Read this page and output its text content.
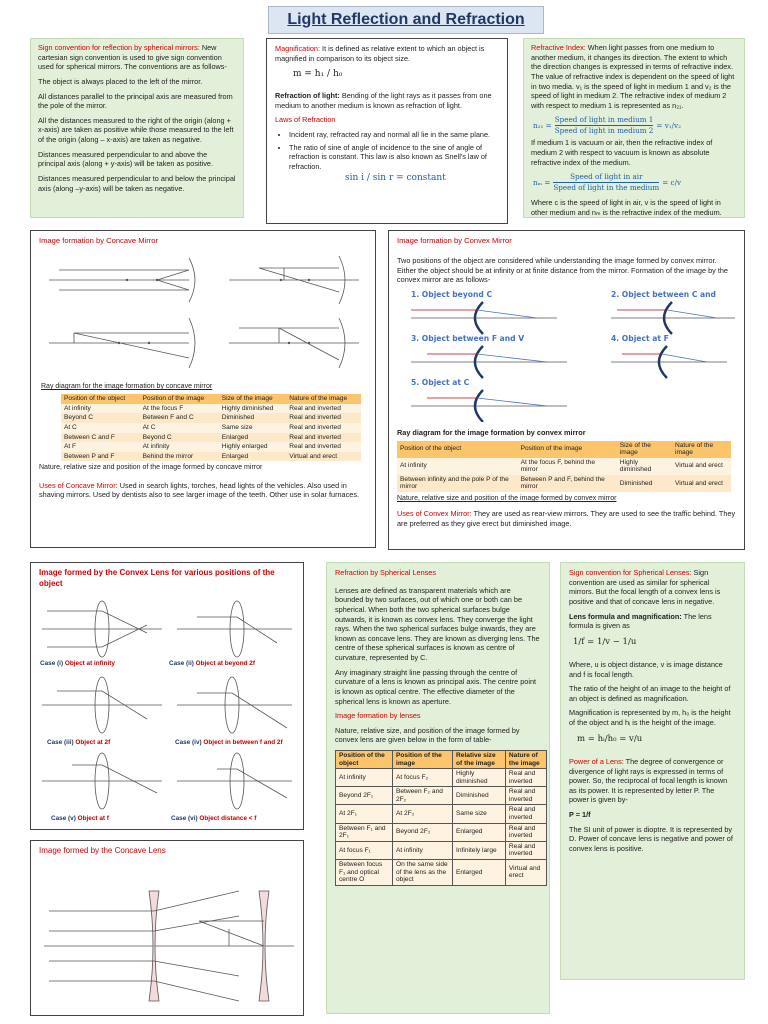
Light Reflection and Refraction

Sign convention for reflection by spherical mirrors: New cartesian sign convention is used to give sign convention used for spherical mirrors. The conventions are as follows-

The object is always placed to the left of the mirror.

All distances parallel to the principal axis are measured from the pole of the mirror.

All the distances measured to the right of the origin (along + x-axis) are taken as positive while those measured to the left of the origin (along – x-axis) are taken as negative.

Distances measured perpendicular to and above the principal axis (along + y-axis) will be taken as positive.

Distances measured perpendicular to and below the principal axis (along –y-axis) will be taken as negative.

Magnification: It is defined as relative extent to which an object is magnified in comparison to its object size.

m = h₁ / h₀

Refraction of light: Bending of the light rays as it passes from one medium to another medium is known as refraction of light.

Laws of Refraction

• Incident ray, refracted ray and normal all lie in the same plane.
• The ratio of sine of angle of incidence to the sine of angle of refraction is constant. This law is also known as Snell's law of refraction.
sin i / sin r = constant

Refractive Index: When light passes from one medium to another medium, it changes its direction. The extent to which the direction changes is expressed in terms of refractive index. The value of refractive index is dependent on the speed of light in two media. v₁ is the speed of light in medium 1 and v₂ is the speed of light in medium 2. The refractive index of medium 2 with respect to medium 1 is represented as n₂₁.

n₂₁ =
Speed of light in medium 1
Speed of light in medium 2
= v₁/v₂

If medium 1 is vacuum or air, then the refractive index of medium 2 with respect to vacuum is known as absolute refractive index of the medium.

nₘ =
Speed of light in air
Speed of light in the medium
= c/v

Where c is the speed of light in air, v is the speed of light in other medium and nₘ is the refractive index of the medium.

Image formation by Concave Mirror
Ray diagram for the image formation by concave mirror
Position of the object	Position of the image	Size of the image	Nature of the image
At infinity	At the focus F	Highly diminished	Real and inverted
Beyond C	Between F and C	Diminished	Real and inverted
At C	At C	Same size	Real and inverted
Between C and F	Beyond C	Enlarged	Real and inverted
At F	At infinity	Highly enlarged	Real and inverted
Between P and F	Behind the mirror	Enlarged	Virtual and erect
Nature, relative size and position of the image formed by concave mirror

Uses of Concave Mirror: Used in search lights, torches, head lights of the vehicles. Also used in shaving mirrors. Used by dentists also to see larger image of the teeth. Other use in solar furnaces.

Image formation by Convex Mirror

Two positions of the object are considered while understanding the image formed by convex mirror. Either the object should be at infinity or at finite distance from the mirror. Formation of the image by the convex mirror are as follows-

1. Object beyond C	2. Object between C and
3. Object between F and V	4. Object at F
5. Object at C
Ray diagram for the image formation by convex mirror
Position of the object	Position of the image	Size of the image	Nature of the image
At infinity	At the focus F, behind the mirror	Highly diminished	Virtual and erect
Between infinity and the pole P of the mirror	Between P and F, behind the mirror	Diminished	Virtual and erect
Nature, relative size and position of the image formed by convex mirror

Uses of Convex Mirror: They are used as rear-view mirrors. They are used to see the traffic behind. They are preferred as they give erect but diminished image.

Image formed by the Convex Lens for various positions of the object
Case (i) Object at infinity	Case (ii) Object at beyond 2f
Case (iii) Object at 2f	Case (iv) Object in between f and 2f
Case (v) Object at f	Case (vi) Object distance < f
Image formed by the Concave Lens

Refraction by Spherical Lenses

Lenses are defined as transparent materials which are bounded by two surfaces, out of which one or both can be spherical. When both the two spherical surfaces bulge outwards, it is known as convex lens. They converge the light rays. When the two spherical surfaces bulge inwards, they are known as concave lens. They are known as diverging lens. The centre of these spherical surfaces is known as centre of curvature, represented by C.

Any imaginary straight line passing through the centre of curvature of a lens is known as principal axis. The centre point is known as optical centre. The effective diameter of the spherical lens is known as aperture.

Image formation by lenses

Nature, relative size, and position of the image formed by convex lens are given below in the form of table-

Position of the object	Position of the image	Relative size of the image	Nature of the image
At infinity	At focus F₂	Highly diminished	Real and inverted
Beyond 2F₁	Between F₂ and 2F₂	Diminished	Real and inverted
At 2F₁	At 2F₂	Same size	Real and inverted
Between F₁ and 2F₁	Beyond 2F₂	Enlarged	Real and inverted
At focus F₁	At infinity	Infinitely large	Real and inverted
Between focus F₁ and optical centre O	On the same side of the lens as the object	Enlarged	Virtual and erect

Sign convention for Spherical Lenses: Sign convention are used as similar for spherical mirrors. But the focal length of a convex lens is positive and that of concave lens in negative.

Lens formula and magnification: The lens formula is given as

1/f = 1/v − 1/u

Where, u is object distance, v is image distance and f is focal length.

The ratio of the height of an image to the height of an object is defined as magnification.

Magnification is represented by m, h₀ is the height of the object and hᵢ is the height of the image.

m = hᵢ/h₀ = v/u

Power of a Lens: The degree of convergence or divergence of light rays is expressed in terms of power. So, the reciprocal of focal length is known as its power. It is represented by letter P. The power is given by-

P = 1/f

The SI unit of power is dioptre. It is represented by D. Power of concave lens is negative and power of convex lens is positive.
